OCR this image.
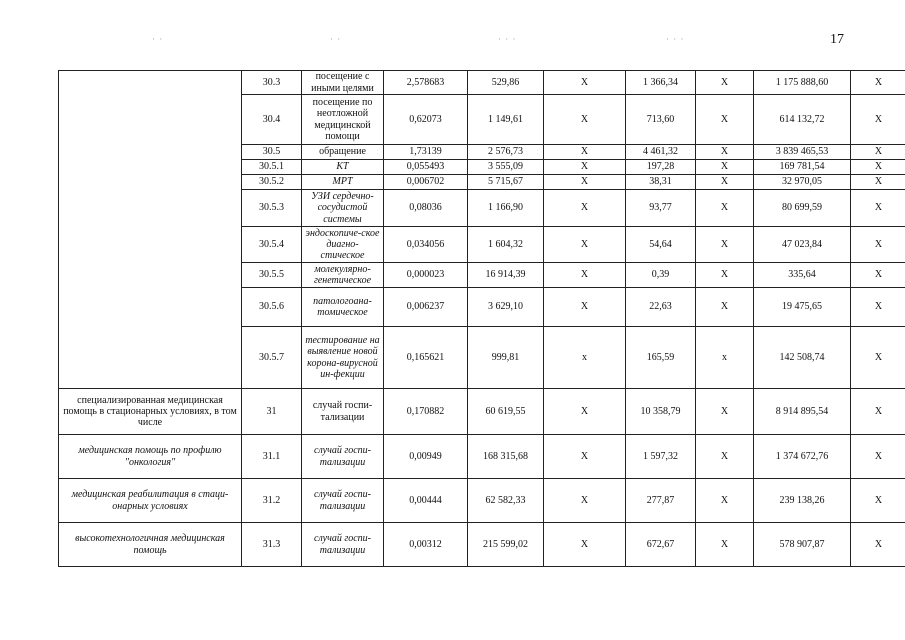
· ·	· ·	· · ·	· · ·	17
	30.3	посещение с иными целями	2,578683	529,86	Х	1 366,34	Х	1 175 888,60	Х
	30.4	посещение по неотложной медицинской помощи	0,62073	1 149,61	Х	713,60	Х	614 132,72	Х
	30.5	обращение	1,73139	2 576,73	Х	4 461,32	Х	3 839 465,53	Х
	30.5.1	КТ	0,055493	3 555,09	Х	197,28	Х	169 781,54	Х
	30.5.2	МРТ	0,006702	5 715,67	Х	38,31	Х	32 970,05	Х
	30.5.3	УЗИ сердечно-сосудистой системы	0,08036	1 166,90	Х	93,77	Х	80 699,59	Х
	30.5.4	эндоскопиче-ское диагно-стическое	0,034056	1 604,32	Х	54,64	Х	47 023,84	Х
	30.5.5	молекулярно-генетическое	0,000023	16 914,39	Х	0,39	Х	335,64	Х
	30.5.6	патологоана-томическое	0,006237	3 629,10	Х	22,63	Х	19 475,65	Х
	30.5.7	тестирование на выявление новой корона-вирусной ин-фекции	0,165621	999,81	х	165,59	х	142 508,74	Х
специализированная медицинская помощь в стационарных условиях, в том числе	31	случай госпи-тализации	0,170882	60 619,55	Х	10 358,79	Х	8 914 895,54	Х
медицинская помощь по профилю "онкология"	31.1	случай госпи-тализации	0,00949	168 315,68	Х	1 597,32	Х	1 374 672,76	Х
медицинская реабилитация в стаци-онарных условиях	31.2	случай госпи-тализации	0,00444	62 582,33	Х	277,87	Х	239 138,26	Х
высокотехнологичная медицинская помощь	31.3	случай госпи-тализации	0,00312	215 599,02	Х	672,67	Х	578 907,87	Х
